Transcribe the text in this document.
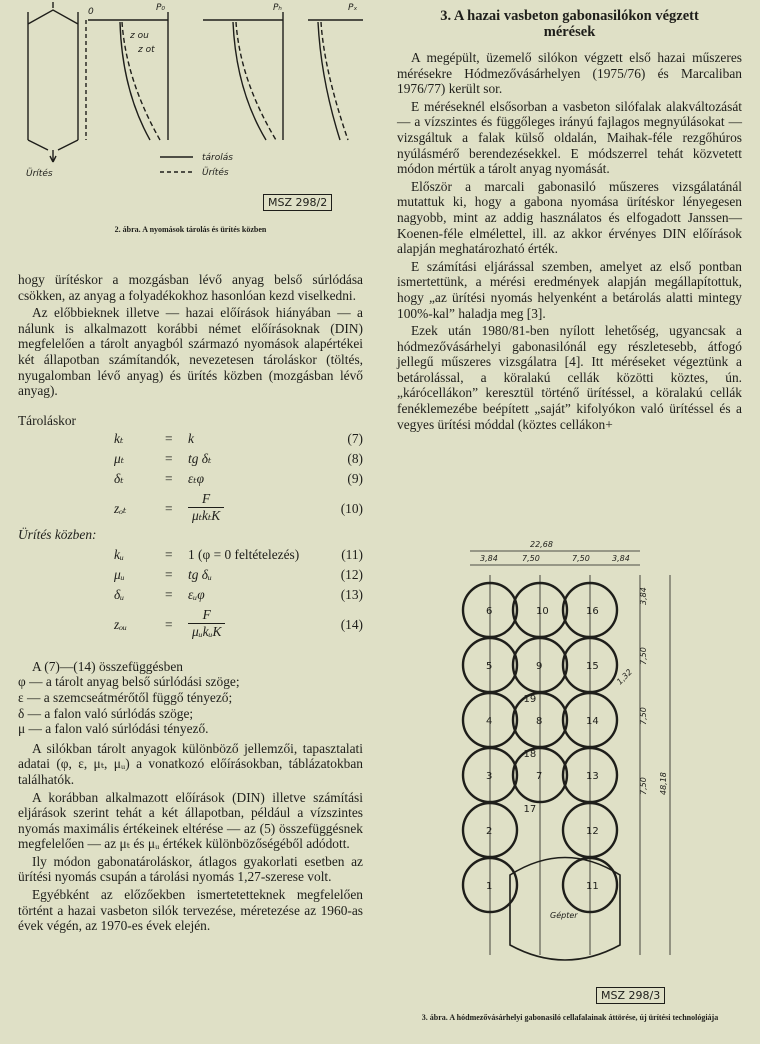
0	P₀	Pₕ	Pₓ
z ou
z ot
Ürítés
tárolás
Ürítés
MSZ 298/2
2. ábra. A nyomások tárolás és ürítés közben

hogy ürítéskor a mozgásban lévő anyag belső súrlódása csökken, az anyag a folyadékokhoz hasonlóan kezd viselkedni.

Az előbbieknek illetve — hazai előírások hiányában — a nálunk is alkalmazott korábbi német előírásoknak (DIN) megfelelően a tárolt anyagból származó nyomások alapértékei két állapotban számítandók, nevezetesen tároláskor (töltés, nyugalomban lévő anyag) és ürítés közben (mozgásban lévő anyag).

Tároláskor
kₜ	= k	(7)
μₜ	= tg δₜ	(8)
δₜ	= εₜφ	(9)
zₒₜ	= $\frac{F}{\text{μₜkₜK}}$	(10)
Ürítés közben:
kᵤ	= 1 (φ = 0 feltételezés)	(11)
μᵤ	= tg δᵤ	(12)
δᵤ	= εᵤφ	(13)
zₒᵤ	= $\frac{F}{\text{μᵤkᵤK}}$	(14)

A (7)—(14) összefüggésben

φ — a tárolt anyag belső súrlódási szöge;

ε — a szemcseátmérőtől függő tényező;

δ — a falon való súrlódás szöge;

μ — a falon való súrlódási tényező.

A silókban tárolt anyagok különböző jellemzői, tapasztalati adatai (φ, ε, μₜ, μᵤ) a vonatkozó előírásokban, táblázatokban találhatók.

A korábban alkalmazott előírások (DIN) illetve számítási eljárások szerint tehát a két állapotban, például a vízszintes nyomás maximális értékeinek eltérése — az (5) összefüggésnek megfelelően — az μₜ és μᵤ értékek különbözőségéből adódott.

Ily módon gabonatároláskor, átlagos gyakorlati esetben az ürítési nyomás csupán a tárolási nyomás 1,27-szerese volt.

Egyébként az előzőekben ismertetetteknek megfelelően történt a hazai vasbeton silók tervezése, méretezése az 1960-as évek végén, az 1970-es évek elején.

3. A hazai vasbeton gabonasilókon végzett mérések

A megépült, üzemelő silókon végzett első hazai műszeres mérésekre Hódmezővásárhelyen (1975/76) és Marcaliban 1976/77) került sor.

E méréseknél elsősorban a vasbeton silófalak alakváltozását — a vízszintes és függőleges irányú fajlagos megnyúlásokat — vizsgáltuk a falak külső oldalán, Maihak-féle rezgőhúros nyúlásmérő berendezésekkel. E módszerrel tehát közvetett módon mértük a tárolt anyag nyomását.

Először a marcali gabonasiló műszeres vizsgálatánál mutattuk ki, hogy a gabona nyomása ürítéskor lényegesen nagyobb, mint az addig használatos és elfogadott Janssen—Koenen-féle elmélettel, ill. az akkor érvényes DIN előírások alapján meghatározható érték.

E számítási eljárással szemben, amelyet az első pontban ismertettünk, a mérési eredmények alapján megállapítottuk, hogy „az ürítési nyomás helyenként a betárolás alatti mintegy 100%-kal” haladja meg [3].

Ezek után 1980/81-ben nyílott lehetőség, ugyancsak a hódmezővásárhelyi gabonasilónál egy részletesebb, átfogó jellegű műszeres vizsgálatra [4]. Itt méréseket végeztünk a betárolással, a köralakú cellák közötti köztes, ún. „kárócellákon” keresztül történő ürítéssel, a köralakú cellák fenéklemezébe beépített „saját” kifolyókon való ürítéssel és a vegyes ürítési móddal (köztes cellákon+

22,68
3,84	7,50	7,50	3,84
6	10	16
5
19
9	15
4
18
8	14
3
17
7	13
2
1
12
11
Gépter
1,32
3,84
7,50
7,50
7,50 48,18
MSZ 298/3
3. ábra. A hódmezővásárhelyi gabonasiló cellafalainak áttörése, új ürítési technológiája
